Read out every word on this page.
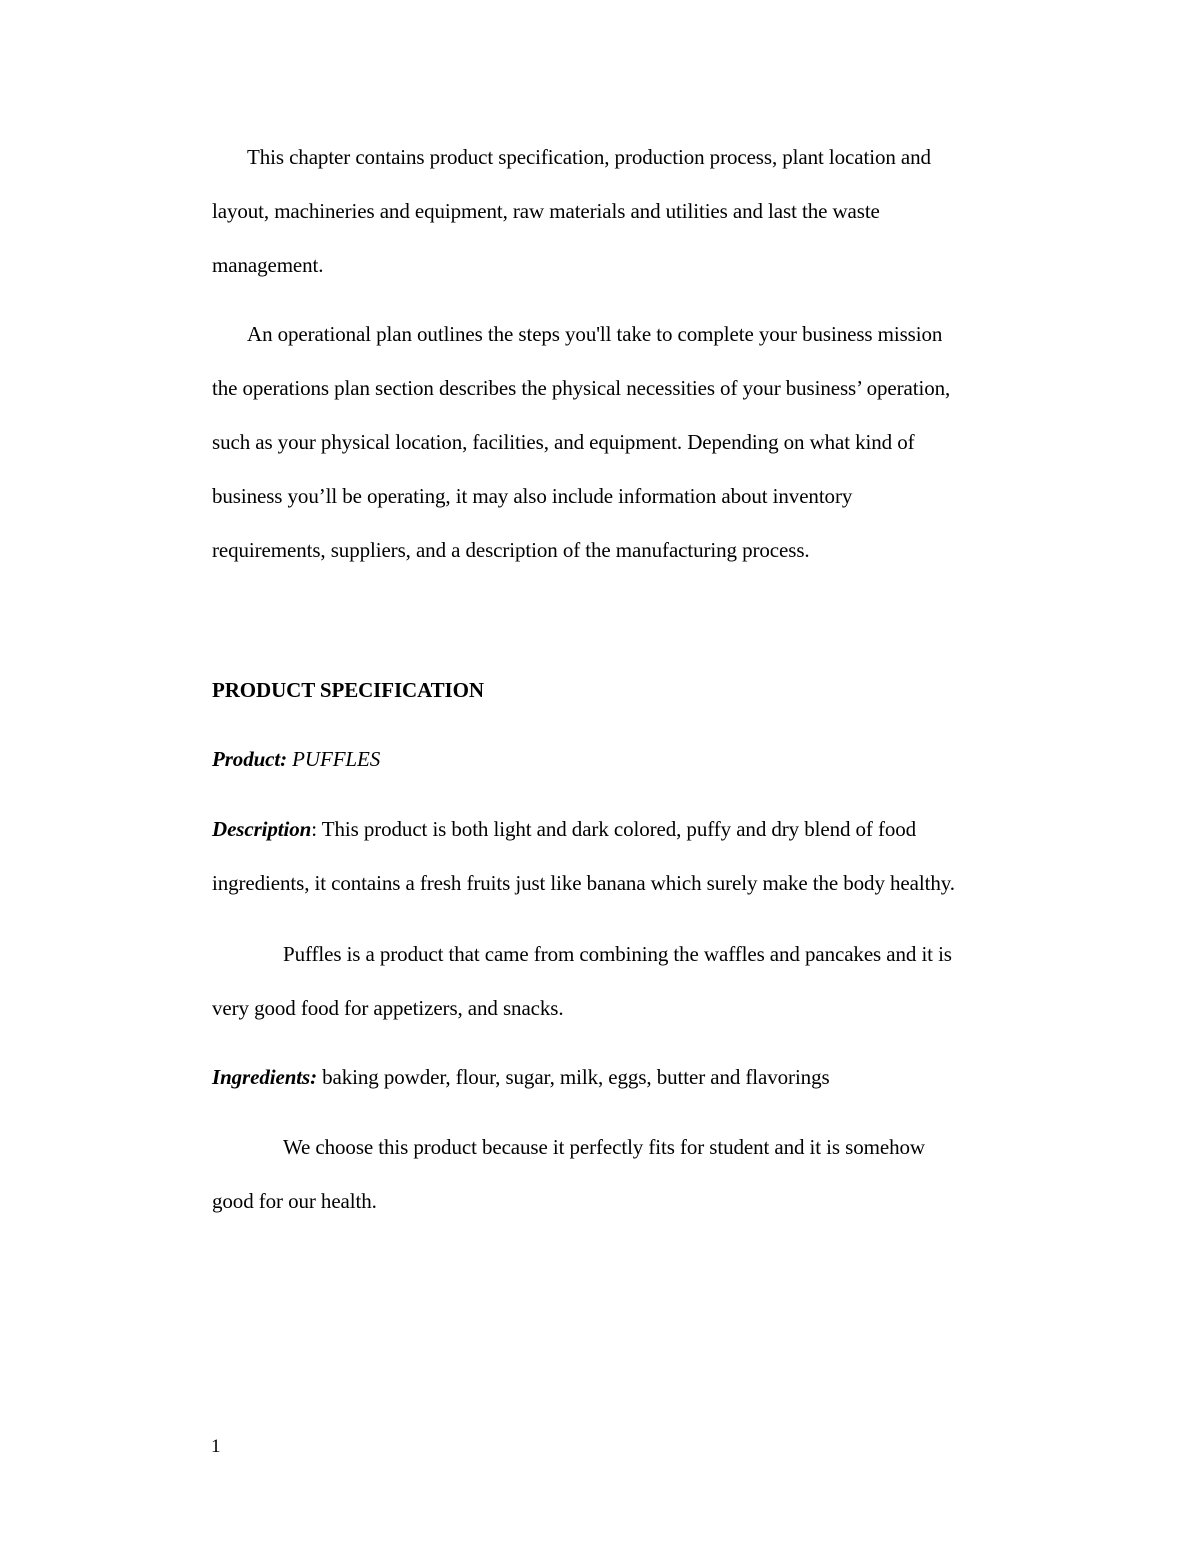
This chapter contains product specification, production process, plant location and
layout, machineries and equipment, raw materials and utilities and last the waste
management.
An operational plan outlines the steps you'll take to complete your business mission
the operations plan section describes the physical necessities of your business’ operation,
such as your physical location, facilities, and equipment. Depending on what kind of
business you’ll be operating, it may also include information about inventory
requirements, suppliers, and a description of the manufacturing process.
PRODUCT SPECIFICATION
Product: PUFFLES
Description: This product is both light and dark colored, puffy and dry blend of food
ingredients, it contains a fresh fruits just like banana which surely make the body healthy.
Puffles is a product that came from combining the waffles and pancakes and it is
very good food for appetizers, and snacks.
Ingredients: baking powder, flour, sugar, milk, eggs, butter and flavorings
We choose this product because it perfectly fits for student and it is somehow
good for our health.
1
